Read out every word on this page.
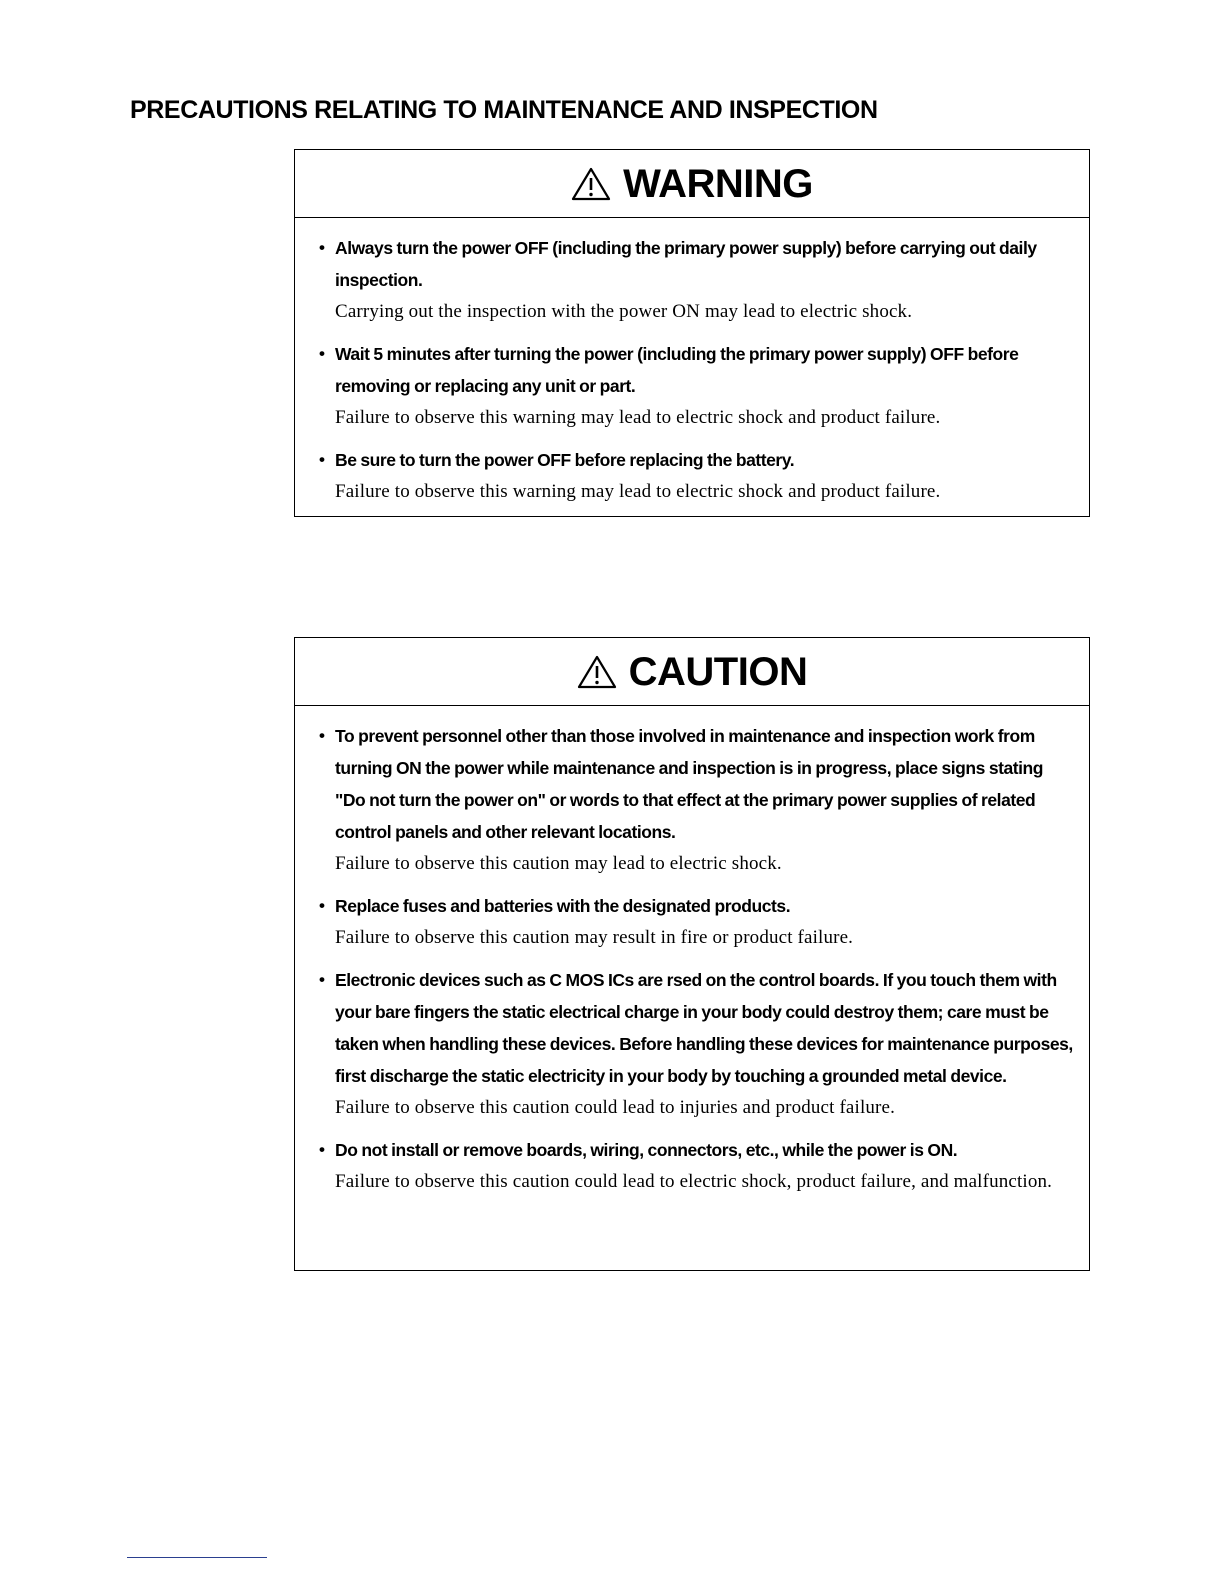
PRECAUTIONS RELATING TO MAINTENANCE AND INSPECTION
WARNING
• Always turn the power OFF (including the primary power supply) before carrying out daily inspection.
Carrying out the inspection with the power ON may lead to electric shock.
• Wait 5 minutes after turning the power (including the primary power supply) OFF before removing or replacing any unit or part.
Failure to observe this warning may lead to electric shock and product failure.
• Be sure to turn the power OFF before replacing the battery.
Failure to observe this warning may lead to electric shock and product failure.
CAUTION
• To prevent personnel other than those involved in maintenance and inspection work from turning ON the power while maintenance and inspection is in progress, place signs stating "Do not turn the power on" or words to that effect at the primary power supplies of related control panels and other relevant locations.
Failure to observe this caution may lead to electric shock.
• Replace fuses and batteries with the designated products.
Failure to observe this caution may result in fire or product failure.
• Electronic devices such as C MOS ICs are rsed on the control boards. If you touch them with your bare fingers the static electrical charge in your body could destroy them; care must be taken when handling these devices. Before handling these devices for maintenance purposes, first discharge the static electricity in your body by touching a grounded metal device.
Failure to observe this caution could lead to injuries and product failure.
• Do not install or remove boards, wiring, connectors, etc., while the power is ON.
Failure to observe this caution could lead to electric shock, product failure, and malfunction.
